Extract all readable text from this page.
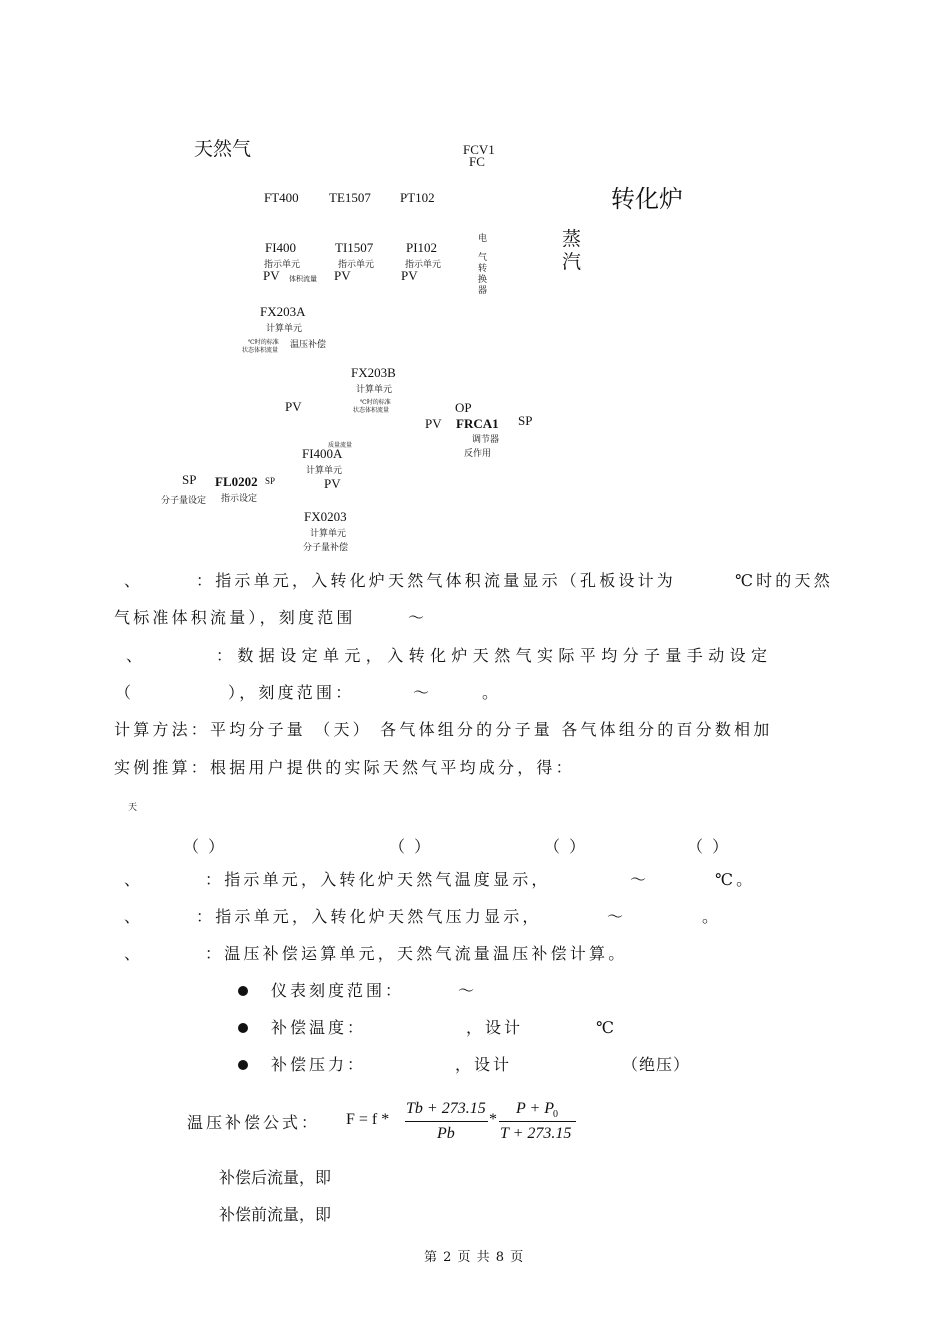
天然气	FCV1
FC
转化炉
蒸
汽
FT400 TE1507 PT102
FI400	TI1507	PI102
指示单元	指示单元	指示单元
PV 体积流量 PV	PV
电
气
转
换
器
FX203A
计算单元
℃时的标准
状态体积流量
温压补偿
FX203B
计算单元
℃时的标准
状态体积流量
PV	OP
PV FRCA1 SP
调节器
反作用
质量流量
FI400A
计算单元
PV
SP FL0202 SP
分子量设定 指示设定
FX0203
计算单元
分子量补偿
、	：指示单元，入转化炉天然气体积流量显示（孔板设计为	℃时的天然
气标准体积流量），刻度范围	～
、	：数据设定单元，入转化炉天然气实际平均分子量手动设定
（	），刻度范围：	～	。
计算方法：平均分子量 （天） 各气体组分的分子量 各气体组分的百分数相加
实例推算：根据用户提供的实际天然气平均成分，得：
天
（ ）	（ ）	（ ）	（ ）
、	：指示单元，入转化炉天然气温度显示，	～	℃。
、	：指示单元，入转化炉天然气压力显示，	～	。
、	：温压补偿运算单元，天然气流量温压补偿计算。
仪表刻度范围：	～
补偿温度：	，设计	℃
补偿压力：	，设计	（绝压）
温压补偿公式： F = f *
Tb + 273.15
Pb
*
P + P
0
T + 273.15
补偿后流量，即
补偿前流量，即
第 2 页 共 8 页
